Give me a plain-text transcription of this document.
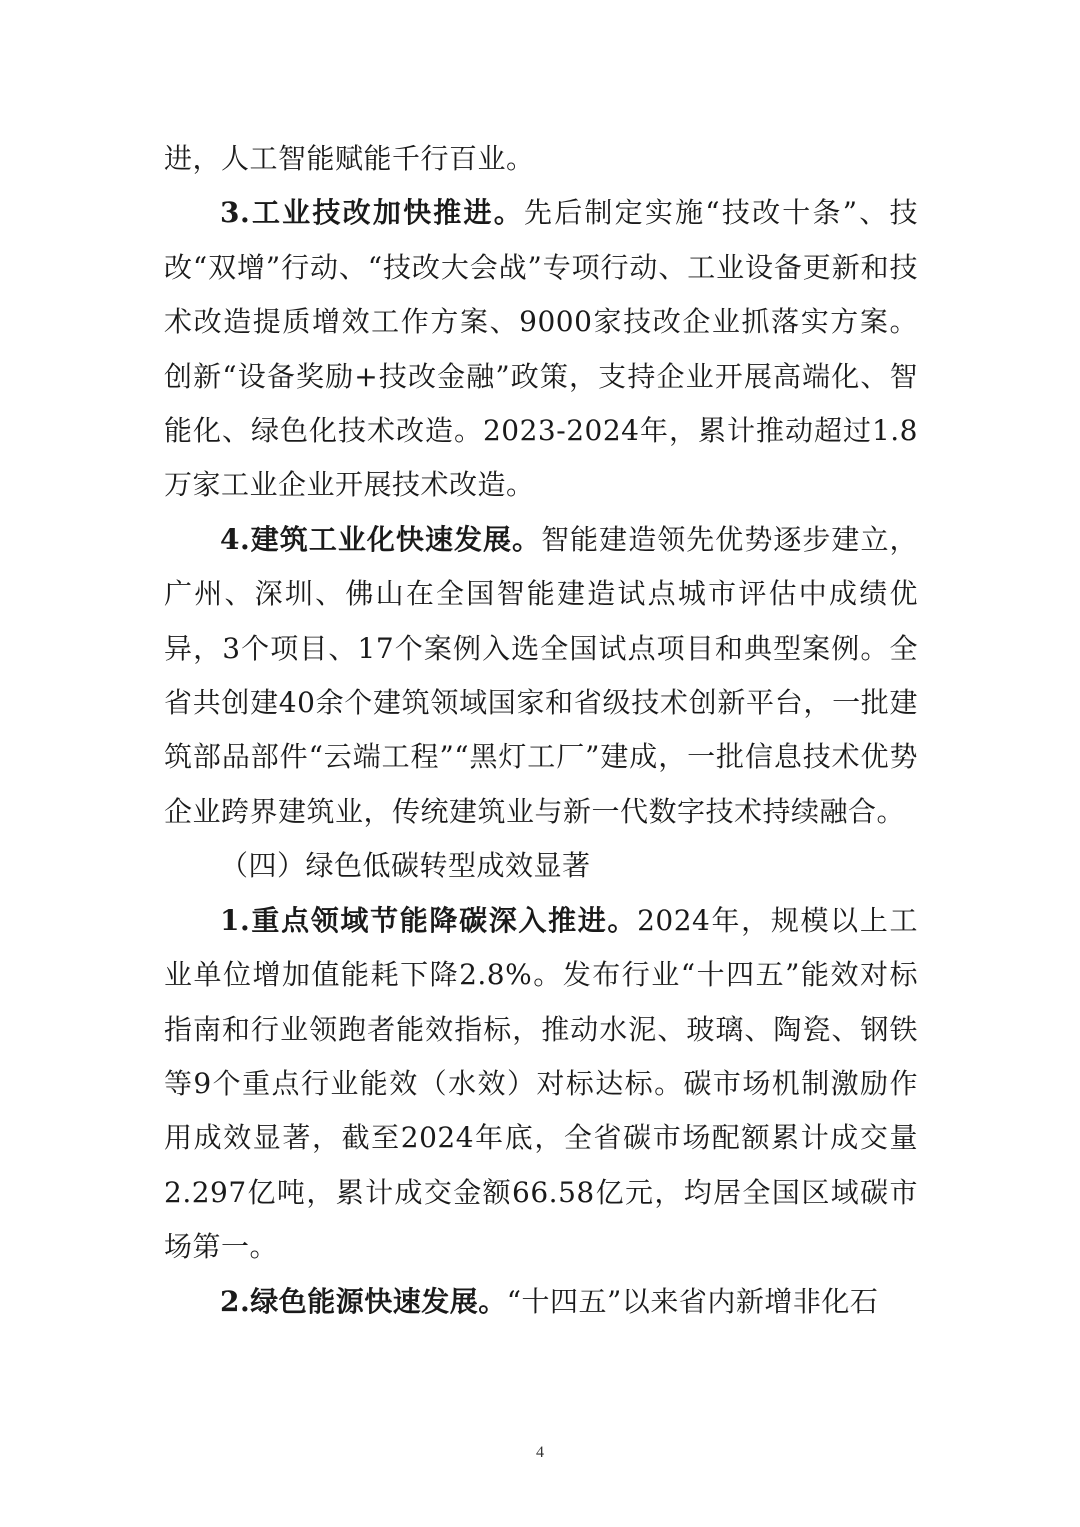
进，人工智能赋能千行百业。

3.工业技改加快推进。先后制定实施“技改十条”、技改“双增”行动、“技改大会战”专项行动、工业设备更新和技术改造提质增效工作方案、9000家技改企业抓落实方案。创新“设备奖励+技改金融”政策，支持企业开展高端化、智能化、绿色化技术改造。2023-2024年，累计推动超过1.8万家工业企业开展技术改造。

4.建筑工业化快速发展。智能建造领先优势逐步建立，广州、深圳、佛山在全国智能建造试点城市评估中成绩优异，3个项目、17个案例入选全国试点项目和典型案例。全省共创建40余个建筑领域国家和省级技术创新平台，一批建筑部品部件“云端工程”“黑灯工厂”建成，一批信息技术优势企业跨界建筑业，传统建筑业与新一代数字技术持续融合。

（四）绿色低碳转型成效显著

1.重点领域节能降碳深入推进。2024年，规模以上工业单位增加值能耗下降2.8%。发布行业“十四五”能效对标指南和行业领跑者能效指标，推动水泥、玻璃、陶瓷、钢铁等9个重点行业能效（水效）对标达标。碳市场机制激励作用成效显著，截至2024年底，全省碳市场配额累计成交量2.297亿吨，累计成交金额66.58亿元，均居全国区域碳市场第一。

2.绿色能源快速发展。“十四五”以来省内新增非化石

4
